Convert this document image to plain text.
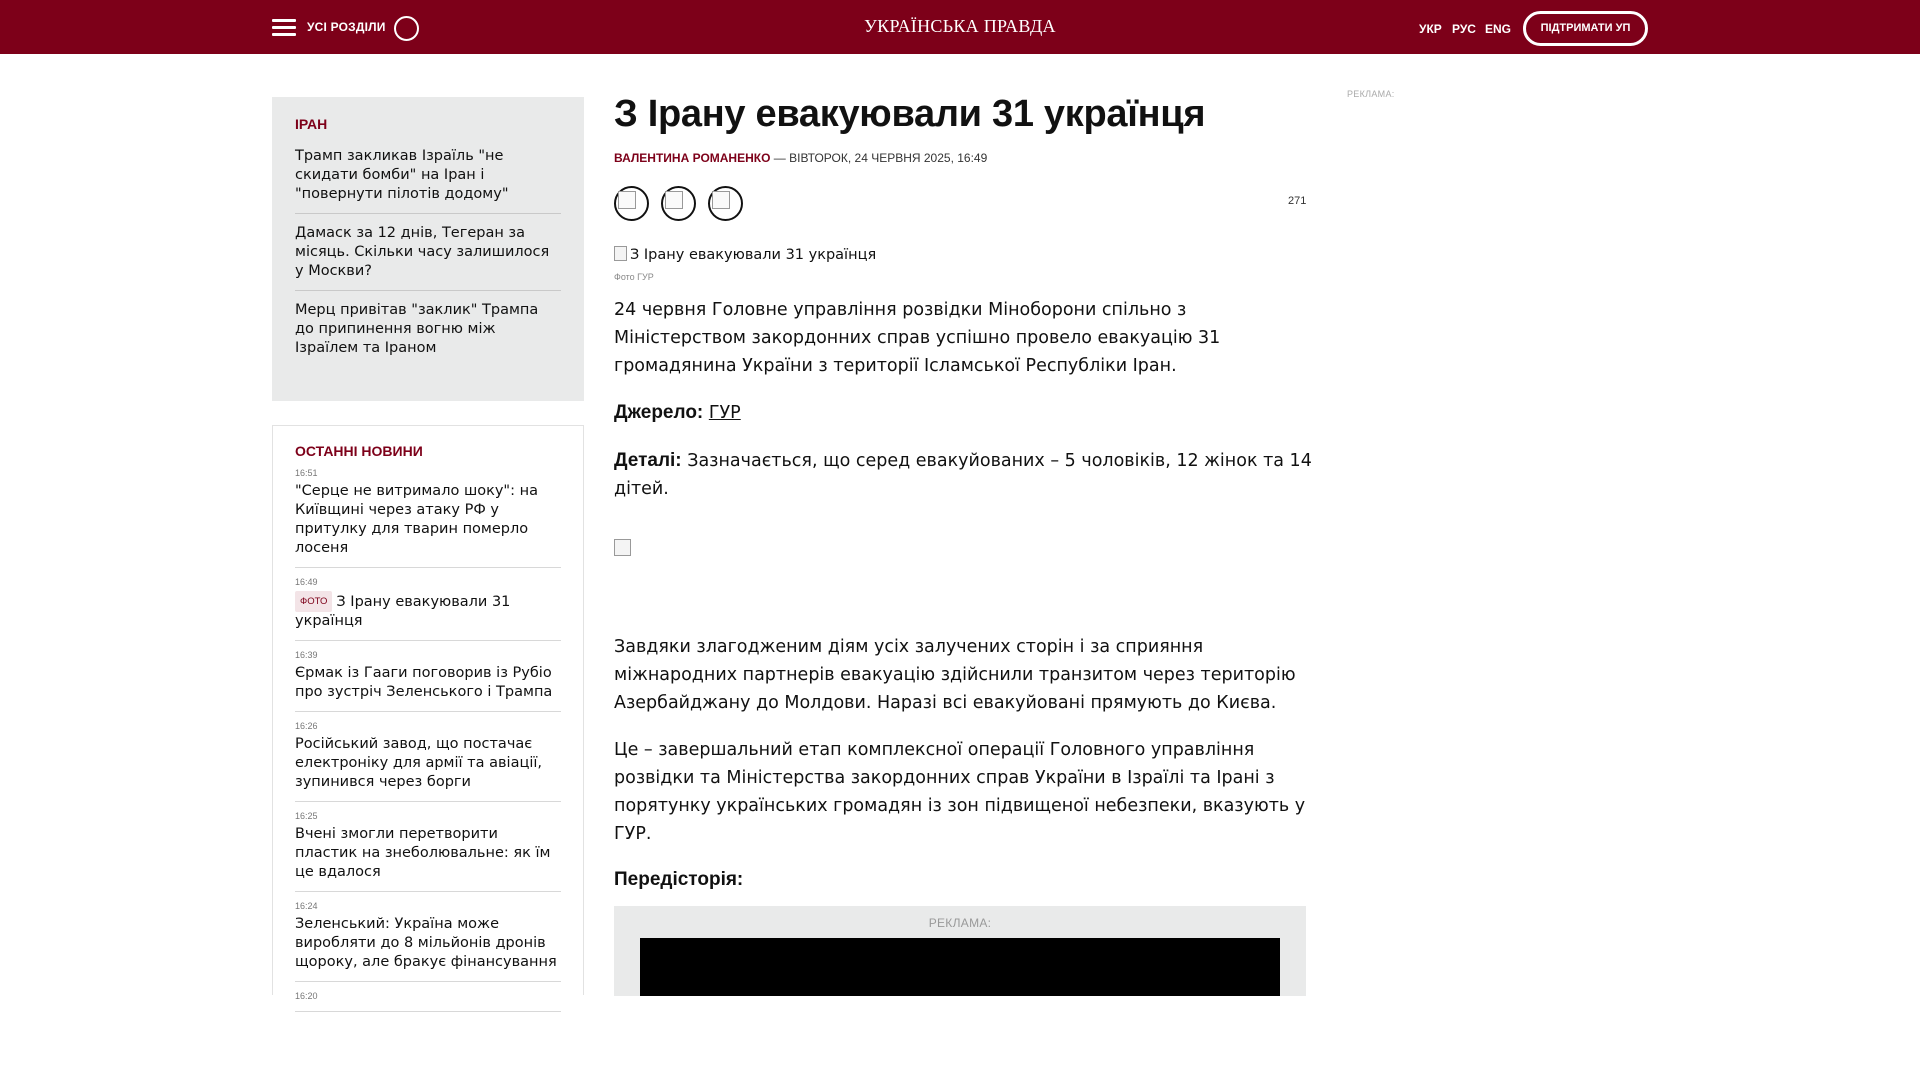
УСІ РОЗДІЛИ	УКРАЇНСЬКА ПРАВДА	УКР РУС ENG	ПІДТРИМАТИ УП
ІРАН
Трамп закликав Ізраїль "не скидати бомби" на Іран і "повернути пілотів додому"
Дамаск за 12 днів, Тегеран за місяць. Скільки часу залишилося у Москви?
Мерц привітав "заклик" Трампа до припинення вогню між Ізраїлем та Іраном
ОСТАННІ НОВИНИ
16:51
"Серце не витримало шоку": на Київщині через атаку РФ у притулку для тварин померло лосеня
16:49
ФОТО З Ірану евакуювали 31 українця
16:39
Єрмак із Гааги поговорив із Рубіо про зустріч Зеленського і Трампа
16:26
Російський завод, що постачає електроніку для армії та авіації, зупинився через борги
16:25
Вчені змогли перетворити пластик на знеболювальне: як їм це вдалося
16:24
Зеленський: Україна може виробляти до 8 мільйонів дронів щороку, але бракує фінансування
16:20
З Ірану евакуювали 31 українця
ВАЛЕНТИНА РОМАНЕНКО — ВІВТОРОК, 24 ЧЕРВНЯ 2025, 16:49
271
З Ірану евакуювали 31 українця
Фото ГУР

24 червня Головне управління розвідки Міноборони спільно з Міністерством закордонних справ успішно провело евакуацію 31 громадянина України з території Ісламської Республіки Іран.

Джерело: ГУР

Деталі: Зазначається, що серед евакуйованих – 5 чоловіків, 12 жінок та 14 дітей.

Завдяки злагодженим діям усіх залучених сторін і за сприяння міжнародних партнерів евакуацію здійснили транзитом через територію Азербайджану до Молдови. Наразі всі евакуйовані прямують до Києва.

Це – завершальний етап комплексної операції Головного управління розвідки та Міністерства закордонних справ України в Ізраїлі та Ірані з порятунку українських громадян із зон підвищеної небезпеки, вказують у ГУР.

Передісторія:

РЕКЛАМА:
РЕКЛАМА:
